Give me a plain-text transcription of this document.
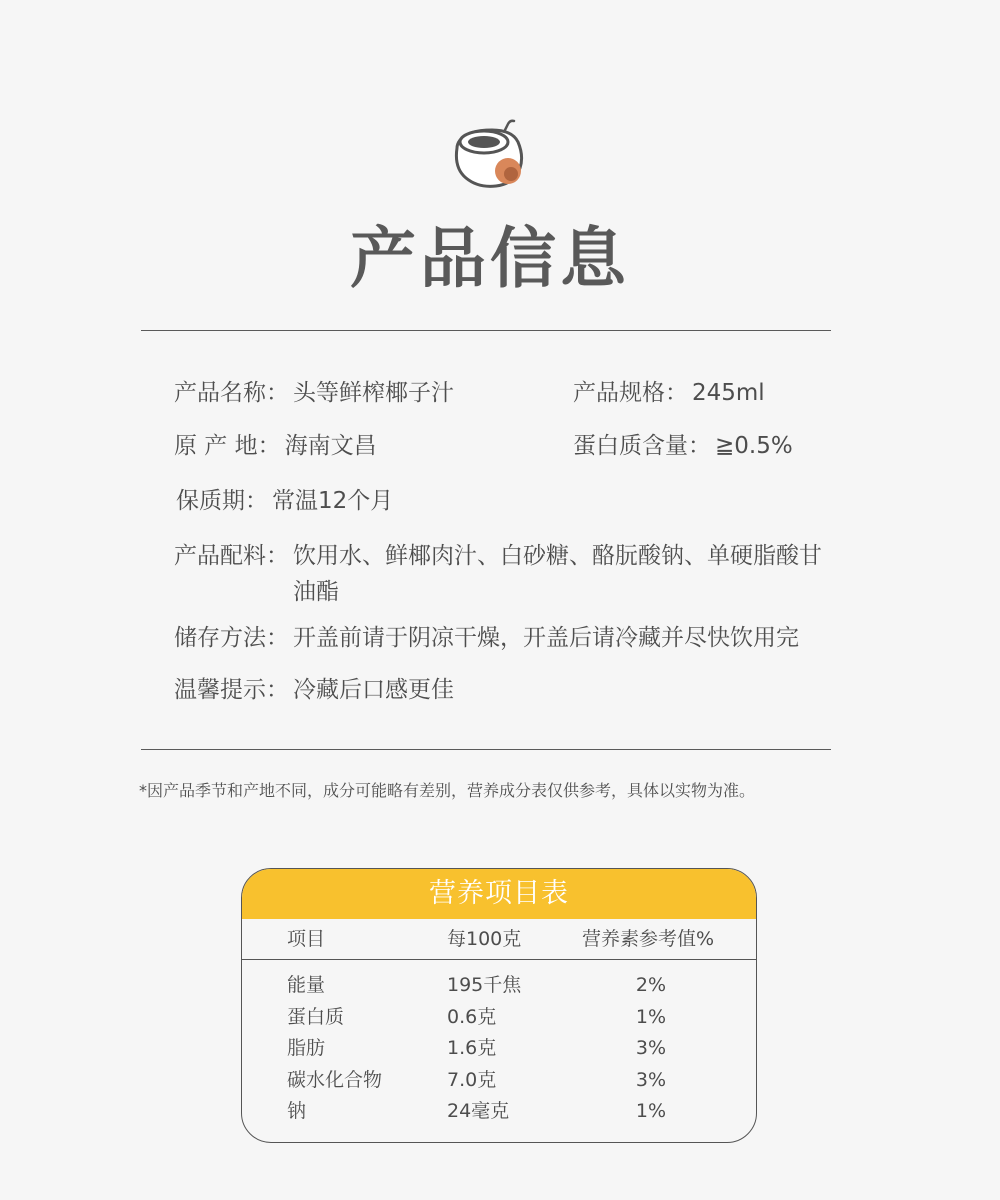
产品信息
产品名称： 头等鲜榨椰子汁	产品规格： 245ml
原 产 地： 海南文昌	蛋白质含量： ≧0.5%
保质期： 常温12个月
产品配料： 饮用水、鲜椰肉汁、白砂糖、酪朊酸钠、单硬脂酸甘油酯
储存方法： 开盖前请于阴凉干燥，开盖后请冷藏并尽快饮用完
温馨提示： 冷藏后口感更佳
*因产品季节和产地不同，成分可能略有差别，营养成分表仅供参考，具体以实物为准。
营养项目表
项目	每100克	营养素参考值%
能量	195千焦	2%
蛋白质	0.6克	1%
脂肪	1.6克	3%
碳水化合物	7.0克	3%
钠	24毫克	1%
